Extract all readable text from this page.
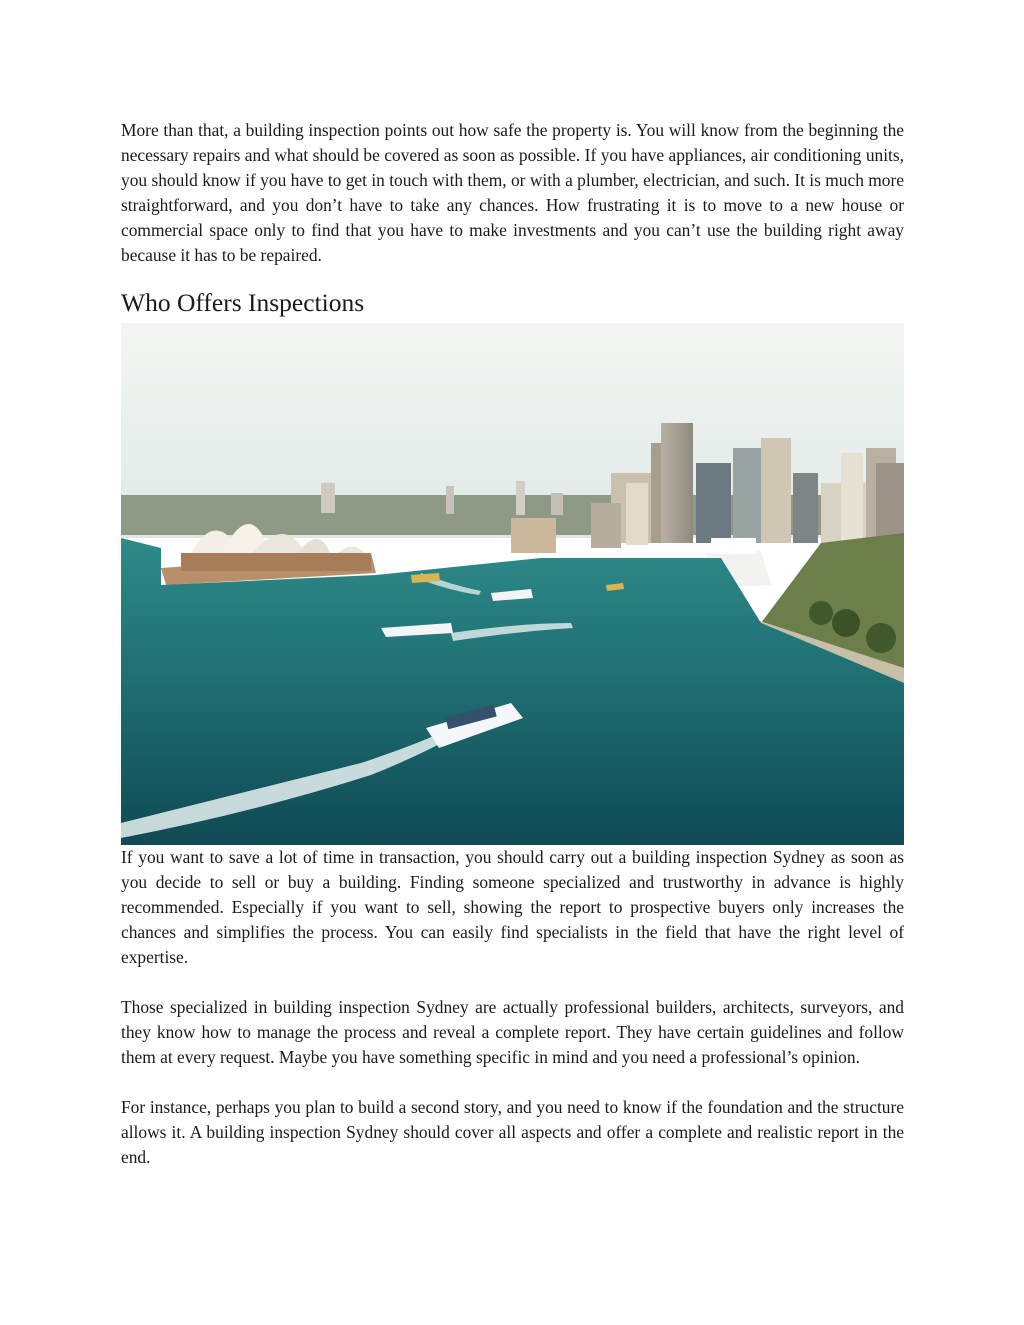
More than that, a building inspection points out how safe the property is. You will know from the beginning the necessary repairs and what should be covered as soon as possible. If you have appliances, air conditioning units, you should know if you have to get in touch with them, or with a plumber, electrician, and such. It is much more straightforward, and you don’t have to take any chances. How frustrating it is to move to a new house or commercial space only to find that you have to make investments and you can’t use the building right away because it has to be repaired.

Who Offers Inspections

If you want to save a lot of time in transaction, you should carry out a building inspection Sydney as soon as you decide to sell or buy a building. Finding someone specialized and trustworthy in advance is highly recommended. Especially if you want to sell, showing the report to prospective buyers only increases the chances and simplifies the process. You can easily find specialists in the field that have the right level of expertise.

Those specialized in building inspection Sydney are actually professional builders, architects, surveyors, and they know how to manage the process and reveal a complete report. They have certain guidelines and follow them at every request. Maybe you have something specific in mind and you need a professional’s opinion.

For instance, perhaps you plan to build a second story, and you need to know if the foundation and the structure allows it. A building inspection Sydney should cover all aspects and offer a complete and realistic report in the end.
